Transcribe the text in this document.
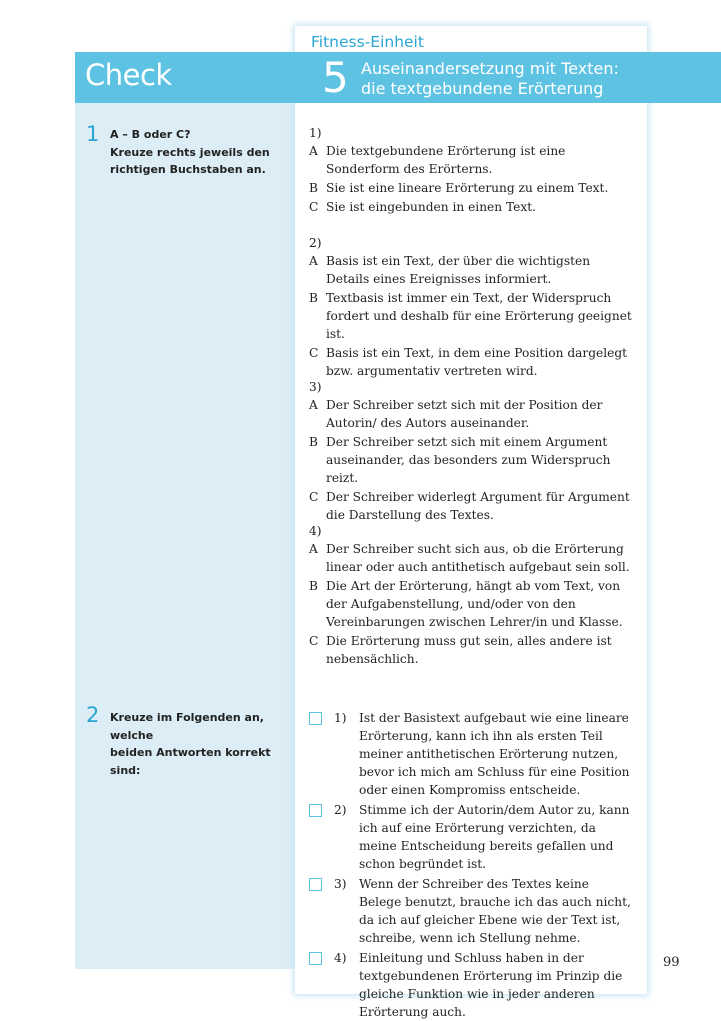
Check
Fitness-Einheit
5 Auseinandersetzung mit Texten:
die textgebundene Erörterung
1 A – B oder C?
Kreuze rechts jeweils den
richtigen Buchstaben an.
1)
A Die textgebundene Erörterung ist eine Sonderform des Erörterns.
B Sie ist eine lineare Erörterung zu einem Text.
C Sie ist eingebunden in einen Text.
2)
A Basis ist ein Text, der über die wichtigsten Details eines Ereignisses informiert.
B Textbasis ist immer ein Text, der Widerspruch fordert und deshalb für eine Erörterung geeignet ist.
C Basis ist ein Text, in dem eine Position dargelegt bzw. argumentativ vertreten wird.
3)
A Der Schreiber setzt sich mit der Position der Autorin/ des Autors auseinander.
B Der Schreiber setzt sich mit einem Argument auseinander, das besonders zum Widerspruch reizt.
C Der Schreiber widerlegt Argument für Argument die Darstellung des Textes.
4)
A Der Schreiber sucht sich aus, ob die Erörterung linear oder auch antithetisch aufgebaut sein soll.
B Die Art der Erörterung, hängt ab vom Text, von der Aufgabenstellung, und/oder von den Vereinbarungen zwischen Lehrer/in und Klasse.
C Die Erörterung muss gut sein, alles andere ist nebensächlich.
2 Kreuze im Folgenden an, welche
beiden Antworten korrekt sind:
1)	Ist der Basistext aufgebaut wie eine lineare Erörterung, kann ich ihn als ersten Teil meiner antithetischen Erörterung nutzen, bevor ich mich am Schluss für eine Position oder einen Kompromiss entscheide.
2)	Stimme ich der Autorin/dem Autor zu, kann ich auf eine Erörterung verzichten, da meine Entscheidung bereits gefallen und schon begründet ist.
3)	Wenn der Schreiber des Textes keine Belege benutzt, brauche ich das auch nicht, da ich auf gleicher Ebene wie der Text ist, schreibe, wenn ich Stellung nehme.
4)	Einleitung und Schluss haben in der textgebundenen Erörterung im Prinzip die gleiche Funktion wie in jeder anderen Erörterung auch.
99
